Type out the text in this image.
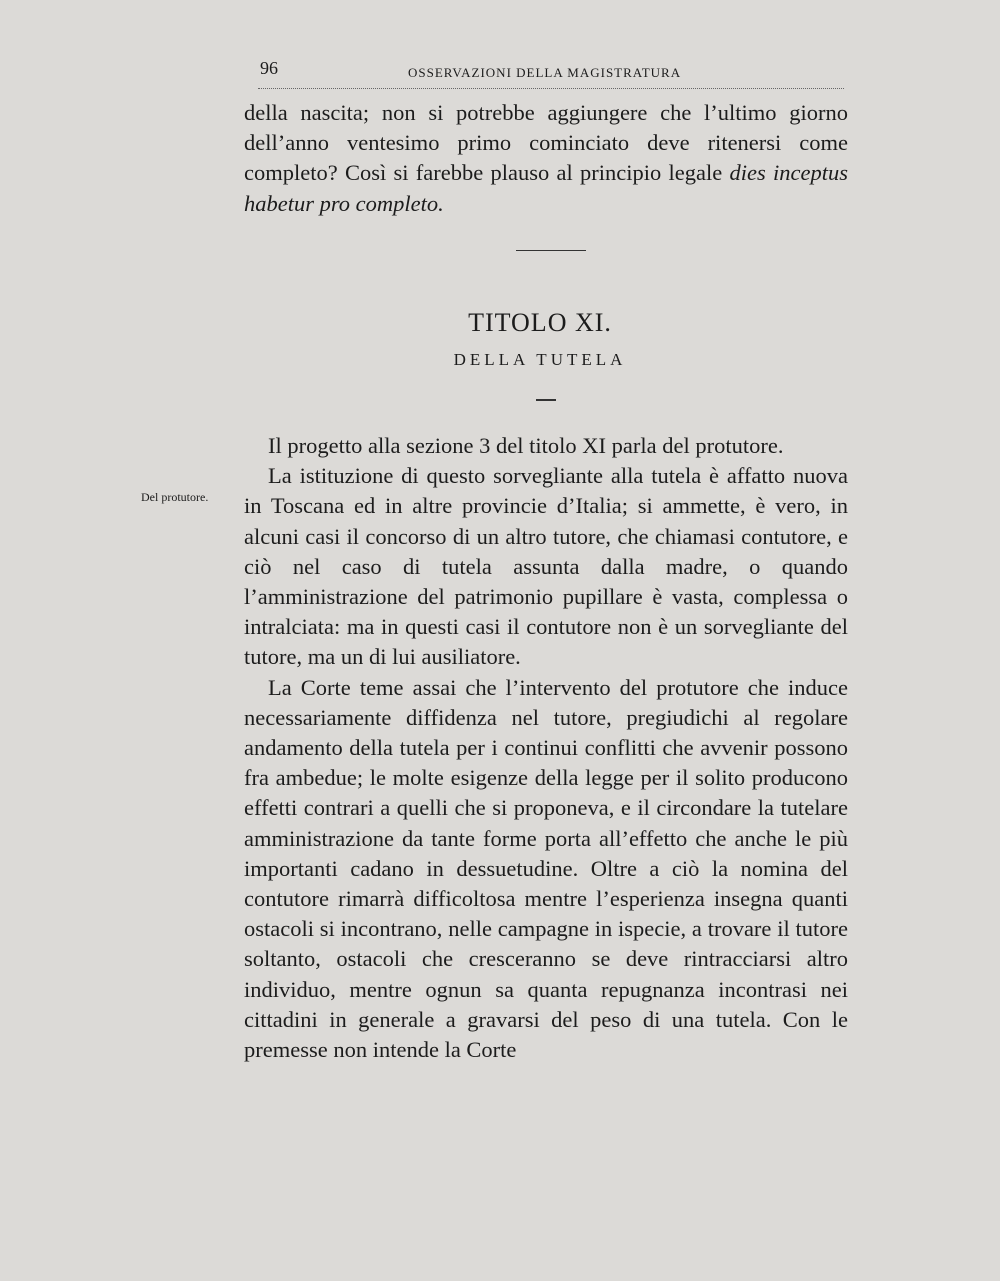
96	OSSERVAZIONI DELLA MAGISTRATURA

della nascita; non si potrebbe aggiungere che l’ultimo giorno dell’anno ventesimo primo cominciato deve ritenersi come completo? Così si farebbe plauso al principio legale dies inceptus habetur pro completo.

TITOLO XI.
DELLA TUTELA
Del protutore.

Il progetto alla sezione 3 del titolo XI parla del protutore.

La istituzione di questo sorvegliante alla tutela è affatto nuova in Toscana ed in altre provincie d’Italia; si ammette, è vero, in alcuni casi il concorso di un altro tutore, che chiamasi contutore, e ciò nel caso di tutela assunta dalla madre, o quando l’amministrazione del patrimonio pupillare è vasta, complessa o intralciata: ma in questi casi il contutore non è un sorvegliante del tutore, ma un di lui ausiliatore.

La Corte teme assai che l’intervento del protutore che induce necessariamente diffidenza nel tutore, pregiudichi al regolare andamento della tutela per i continui conflitti che avvenir possono fra ambedue; le molte esigenze della legge per il solito producono effetti contrari a quelli che si proponeva, e il circondare la tutelare amministrazione da tante forme porta all’effetto che anche le più importanti cadano in dessuetudine. Oltre a ciò la nomina del contutore rimarrà difficoltosa mentre l’esperienza insegna quanti ostacoli si incontrano, nelle campagne in ispecie, a trovare il tutore soltanto, ostacoli che cresceranno se deve rintracciarsi altro individuo, mentre ognun sa quanta repugnanza incontrasi nei cittadini in generale a gravarsi del peso di una tutela. Con le premesse non intende la Corte
